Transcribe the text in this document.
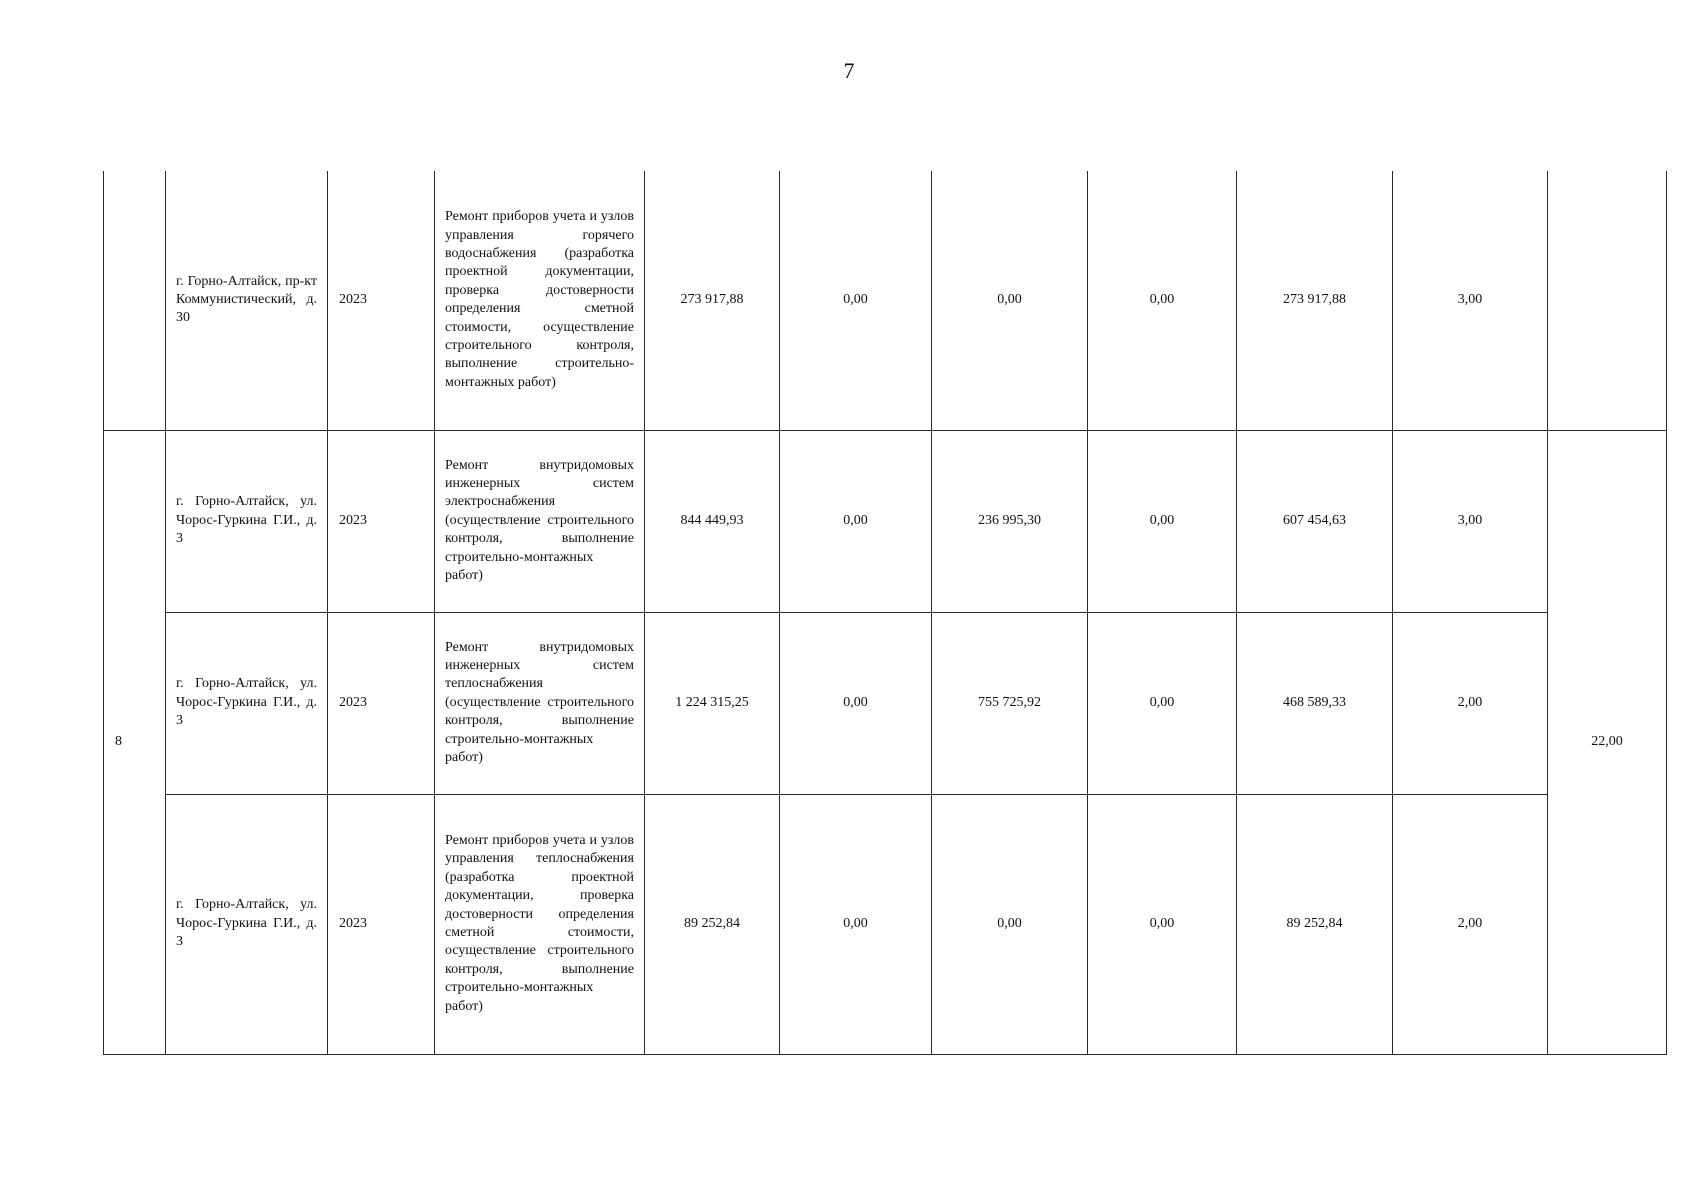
7

	г. Горно-Алтайск, пр-кт Коммунистический, д. 30	2023	Ремонт приборов учета и узлов управления горячего водоснабжения (разработка проектной документации, проверка достоверности определения сметной стоимости, осуществление строительного контроля, выполнение строительно-монтажных работ)	273 917,88	0,00	0,00	0,00	273 917,88	3,00	
8	г. Горно-Алтайск, ул. Чорос-Гуркина Г.И., д. 3	2023	Ремонт внутридомовых инженерных систем электроснабжения (осуществление строительного контроля, выполнение строительно-монтажных работ)	844 449,93	0,00	236 995,30	0,00	607 454,63	3,00	22,00

	г. Горно-Алтайск, ул. Чорос-Гуркина Г.И., д. 3	2023	Ремонт внутридомовых инженерных систем теплоснабжения (осуществление строительного контроля, выполнение строительно-монтажных работ)	1 224 315,25	0,00	755 725,92	0,00	468 589,33	2,00	

	г. Горно-Алтайск, ул. Чорос-Гуркина Г.И., д. 3	2023	Ремонт приборов учета и узлов управления теплоснабжения (разработка проектной документации, проверка достоверности определения сметной стоимости, осуществление строительного контроля, выполнение строительно-монтажных работ)	89 252,84	0,00	0,00	0,00	89 252,84	2,00	
